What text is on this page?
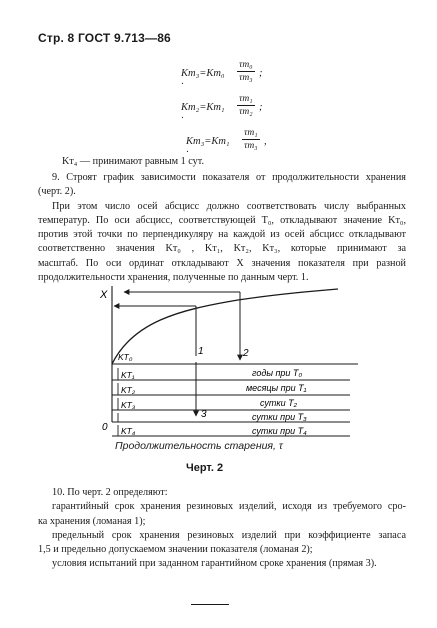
Стр. 8 ГОСТ 9.713—86
Kт₃=Kт₀ ·
τт₀
τт₃ ;
Kт₂=Kт₁ ·
τт₁
τт₂ ;
Kт₃=Kт₁ ·
τт₁
τт₃ ,
Kт₄ — принимают равным 1 сут.
9. Строят график зависимости показателя от продолжительности хранения
(черт. 2).
При этом число осей абсцисс должно соответствовать числу выбранных
температур. По оси абсцисс, соответствующей T₀, откладывают значение Kт₀,
против этой точки по перпендикуляру на каждой из осей абсцисс откладывают
соответственно значения Kт₀ , Kт₁, Kт₂, Kт₃, которые принимают за
масштаб. По оси ординат откладывают X значения показателя при разной
продолжительности хранения, полученные по данным черт. 1.
X
0
1	2
3
KT₀
KT₁	годы при T₀
KT₂	месяцы при T₁
KT₃	сутки T₂
сутки при T₃
KT₄	сутки при T₄
Продолжительность старения, τ
Черт. 2
10. По черт. 2 определяют:
гарантийный срок хранения резиновых изделий, исходя из требуемого сро-
ка хранения (ломаная 1);
предельный срок хранения резиновых изделий при коэффициенте запаса
1,5 и предельно допускаемом значении показателя (ломаная 2);
условия испытаний при заданном гарантийном сроке хранения (прямая 3).
